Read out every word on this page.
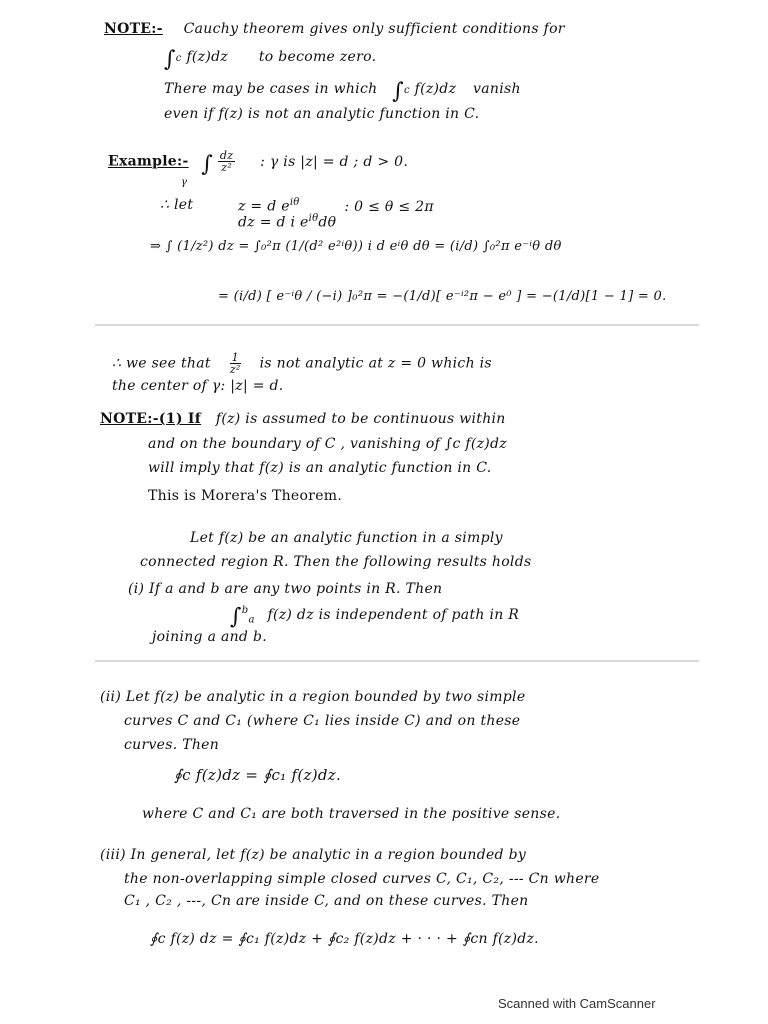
NOTE:- Cauchy theorem gives only sufficient conditions for
∫c f(z)dz to become zero.
There may be cases in which ∫c f(z)dz vanish
even if f(z) is not an analytic function in C.
Example:- ∫ $\frac{dz}{\text{z²}}$ : γ is |z| = d ; d > 0.
γ
∴ let	z = d $e^{i\theta}$	: 0 ≤ θ ≤ 2π
dz = d i $e^{i\theta}d\theta$
⇒ ∫ (1/z²) dz = ∫₀²π (1/(d² e²ⁱθ)) i d eⁱθ dθ = (i/d) ∫₀²π e⁻ⁱθ dθ
= (i/d) [ e⁻ⁱθ / (−i) ]₀²π = −(1/d)[ e⁻ⁱ²π − e⁰ ] = −(1/d)[1 − 1] = 0.
∴ we see that $\frac{1}{\text{z²}}$ is not analytic at z = 0 which is
the center of γ: |z| = d.
NOTE:-(1) If f(z) is assumed to be continuous within
and on the boundary of C , vanishing of ∫c f(z)dz
will imply that f(z) is an analytic function in C.
This is Morera's Theorem.
Let f(z) be an analytic function in a simply
connected region R. Then the following results holds
(i) If a and b are any two points in R. Then
∫$^b_a$ f(z) dz is independent of path in R
joining a and b.
(ii) Let f(z) be analytic in a region bounded by two simple
curves C and C₁ (where C₁ lies inside C) and on these
curves. Then
∮c f(z)dz = ∮c₁ f(z)dz.
where C and C₁ are both traversed in the positive sense.
(iii) In general, let f(z) be analytic in a region bounded by
the non-overlapping simple closed curves C, C₁, C₂, --- Cn where
C₁ , C₂ , ---, Cn are inside C, and on these curves. Then
∮c f(z) dz = ∮c₁ f(z)dz + ∮c₂ f(z)dz + · · · + ∮cn f(z)dz.
Scanned with CamScanner
